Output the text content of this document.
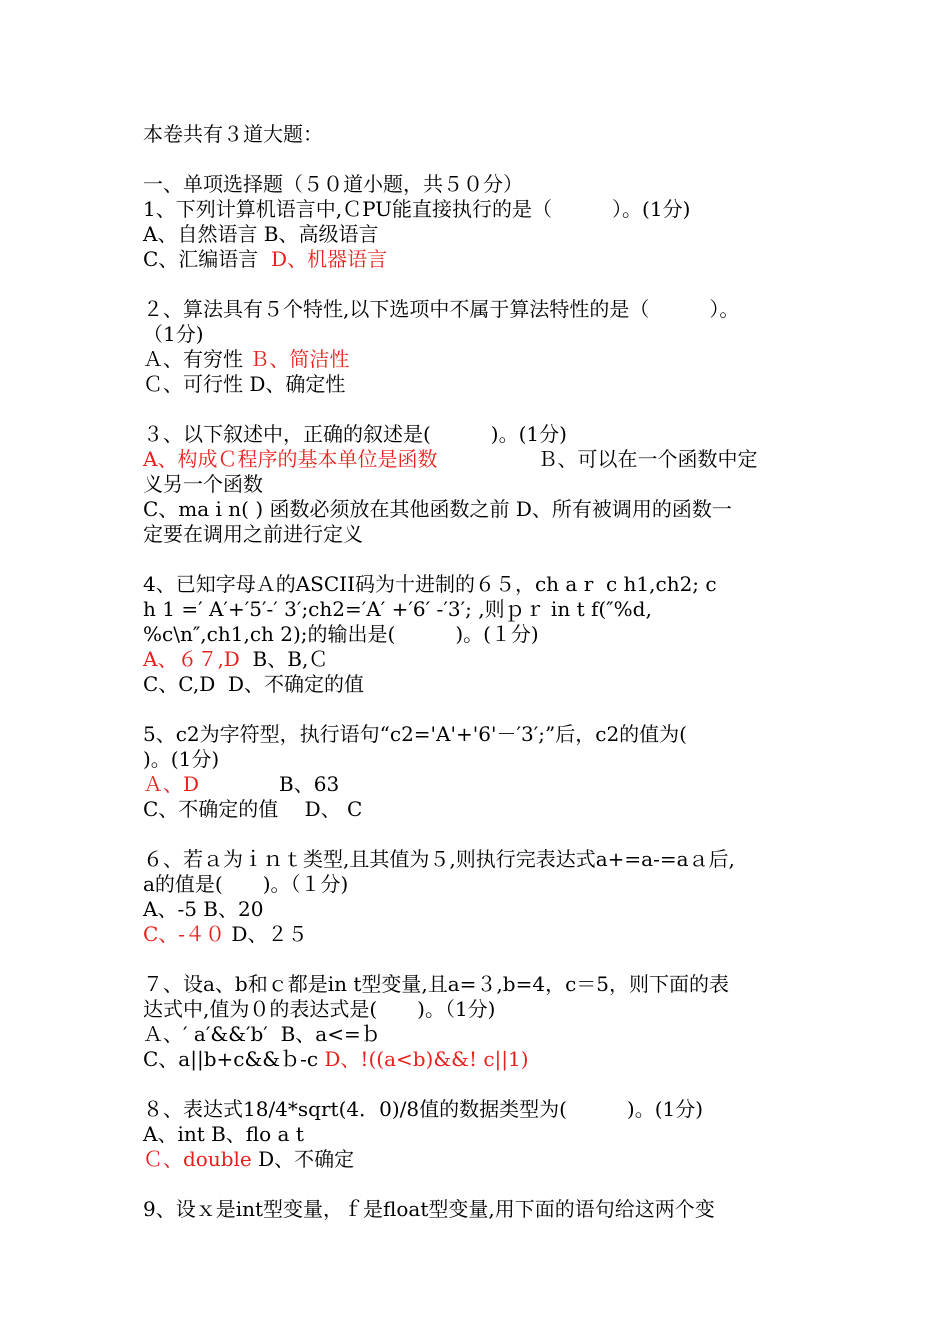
本卷共有３道大题：
一、单项选择题（５０道小题，共５０分）
1、下列计算机语言中,ＣPU能直接执行的是（　　　）。(1分)
A、自然语言 B、高级语言
C、汇编语言  D、机器语言
２、算法具有５个特性,以下选项中不属于算法特性的是（　　　）。
（1分)
Ａ、有穷性 Ｂ、简洁性
Ｃ、可行性 D、确定性
３、以下叙述中，正确的叙述是(　　　)。(1分)
A、构成Ｃ程序的基本单位是函数　　　　　Ｂ、可以在一个函数中定
义另一个函数
C、ma i n( ) 函数必须放在其他函数之前 D、所有被调用的函数一
定要在调用之前进行定义
4、已知字母Ａ的ASCII码为十进制的６５，ch a r  c h1,ch2; c
h 1 =′ A′+′5′-′ 3′;ch2=′A′ +′6′ -′3′; ,则ｐｒ in t f(″%d,
%c\n″,ch1,ch 2);的输出是(　　　)。(１分)
A、６７,D  B、B,Ｃ
C、C,D  D、不确定的值
5、c2为字符型，执行语句“c2='A'+'6'－′3′;”后，c2的值为(
)。(1分)
Ａ、D　　　　B、63
C、不确定的值　 D、 C
６、若ａ为ｉｎｔ类型,且其值为５,则执行完表达式a+=a-=aａ后,
a的值是(　　)。（１分)
A、-5 B、20
C、-４０ D、２５
７、设a、b和ｃ都是in t型变量,且a=３,b=4，c＝5，则下面的表
达式中,值为０的表达式是(　　)。（1分)
Ａ、′ a′&&′b′  B、a<=ｂ
C、a||b+c&&ｂ-c D、!((a<b)&&! c||1)
８、表达式18/4*sqrt(4．0)/8值的数据类型为(　　　)。(1分)
A、int B、flo a t
Ｃ、double D、不确定
9、设ｘ是int型变量，ｆ是float型变量,用下面的语句给这两个变
